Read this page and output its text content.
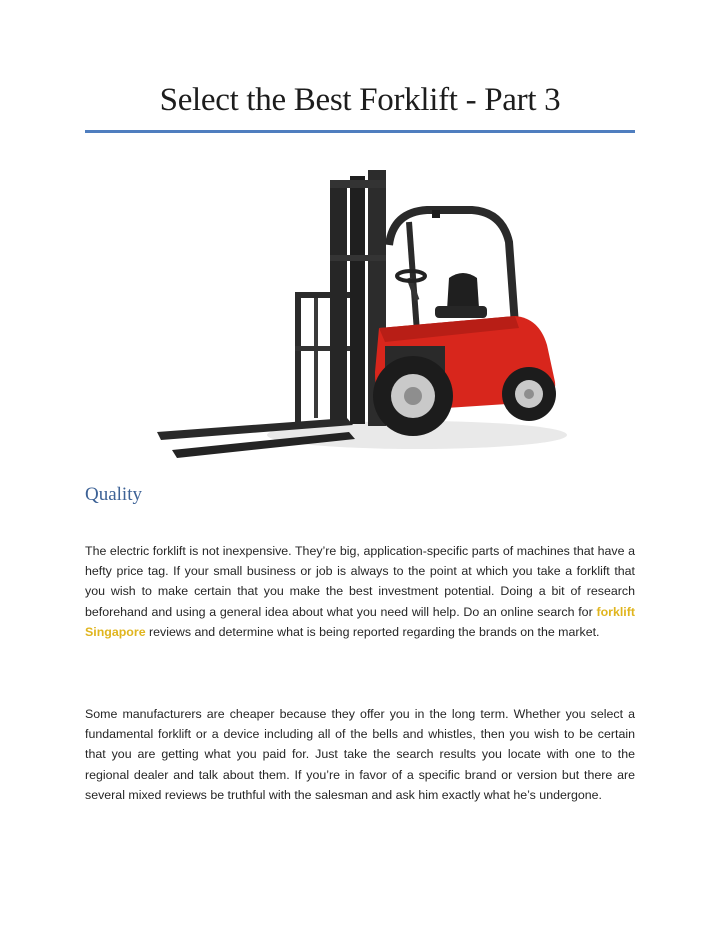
Select the Best Forklift - Part 3
Quality

The electric forklift is not inexpensive. They’re big, application-specific parts of machines that have a hefty price tag. If your small business or job is always to the point at which you take a forklift that you wish to make certain that you make the best investment potential. Doing a bit of research beforehand and using a general idea about what you need will help. Do an online search for forklift Singapore reviews and determine what is being reported regarding the brands on the market.

Some manufacturers are cheaper because they offer you in the long term. Whether you select a fundamental forklift or a device including all of the bells and whistles, then you wish to be certain that you are getting what you paid for. Just take the search results you locate with one to the regional dealer and talk about them. If you’re in favor of a specific brand or version but there are several mixed reviews be truthful with the salesman and ask him exactly what he’s undergone.
